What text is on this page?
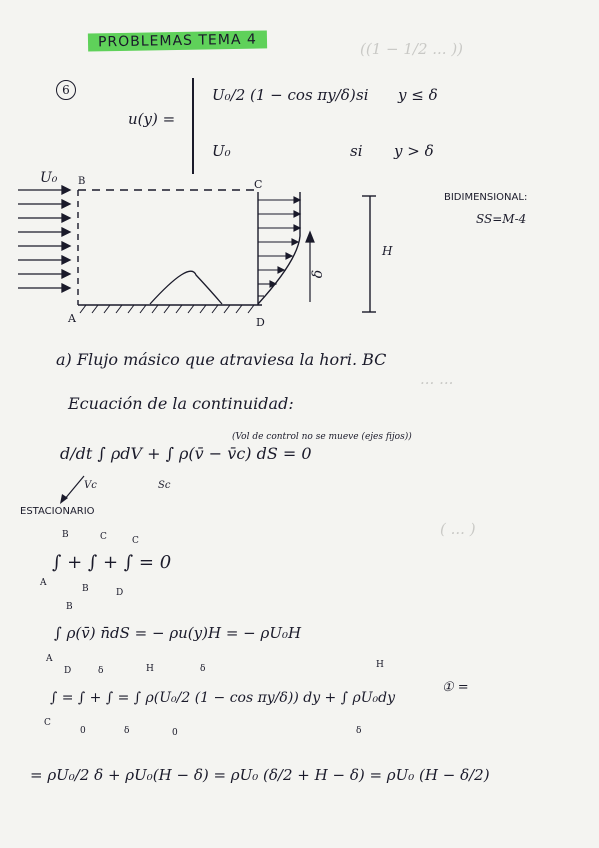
((1 − 1/2 ... ))
... ...
( ... )
PROBLEMAS TEMA 4
6
u(y) =
U₀/2 (1 − cos πy/δ) si y ≤ δ
U₀	si y > δ
BIDIMENSIONAL:
SS=M-4
U₀ B	C
A	D
H
δ
a) Flujo másico que atraviesa la hori. BC
Ecuación de la continuidad:
d/dt ∫ ρdV + ∫ ρ(v̄ − v̄c) dS = 0
(Vol de control no se mueve (ejes fijos))
Vc	Sc
ESTACIONARIO
∫ + ∫ + ∫ = 0
A
B
B
C	C
D
∫ ρ(v̄) n̄dS = − ρu(y)H = − ρU₀H
B
A
∫ = ∫ + ∫ = ∫ ρ(U₀/2 (1 − cos πy/δ)) dy + ∫ ρU₀dy
① =
D
C
δ
0
H
δ
δ
0
H
δ
= ρU₀/2 δ + ρU₀(H − δ) = ρU₀ (δ/2 + H − δ) = ρU₀ (H − δ/2)
